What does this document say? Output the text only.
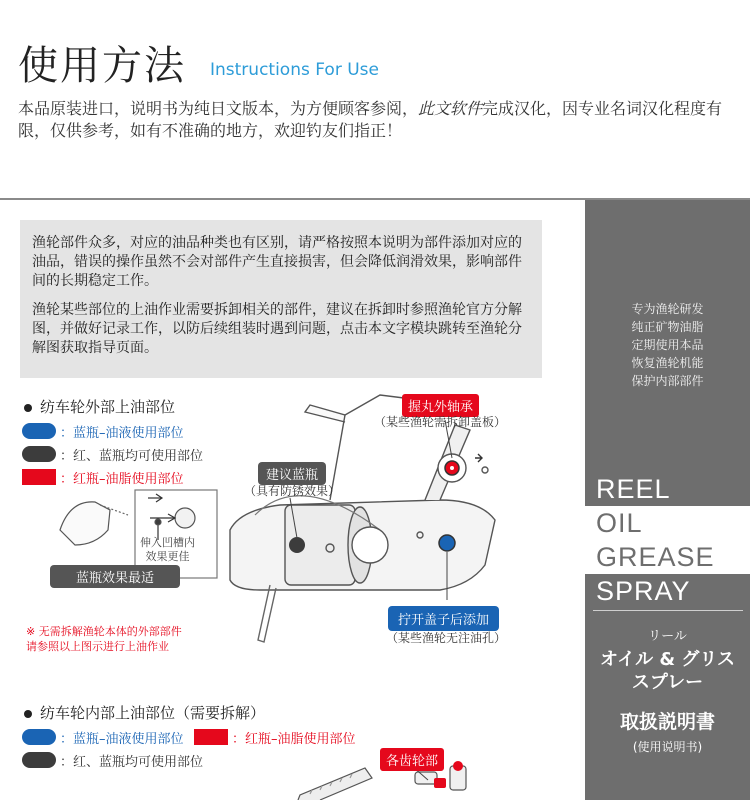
使用方法 Instructions For Use

本品原装进口，说明书为纯日文版本，为方便顾客参阅，此文软件完成汉化，因专业名词汉化程度有限，仅供参考，如有不准确的地方，欢迎钓友们指正！

渔轮部件众多，对应的油品种类也有区别，请严格按照本说明为部件添加对应的油品，错误的操作虽然不会对部件产生直接损害，但会降低润滑效果，影响部件间的长期稳定工作。

渔轮某些部位的上油作业需要拆卸相关的部件，建议在拆卸时参照渔轮官方分解图，并做好记录工作，以防后续组装时遇到问题，点击本文字模块跳转至渔轮分解图获取指导页面。

纺车轮外部上油部位
：蓝瓶–油液使用部位
：红、蓝瓶均可使用部位
：红瓶–油脂使用部位
握丸外轴承
（某些渔轮需拆卸盖板）
建议蓝瓶
（具有防锈效果）
伸入凹槽内
效果更佳
蓝瓶效果最适
拧开盖子后添加
（某些渔轮无注油孔）
※ 无需拆解渔轮本体的外部部件
请参照以上图示进行上油作业
纺车轮内部上油部位（需要拆解）
：蓝瓶–油液使用部位	：红瓶–油脂使用部位
：红、蓝瓶均可使用部位	各齿轮部
专为渔轮研发
纯正矿物油脂
定期使用本品
恢复渔轮机能
保护内部部件
REEL
OIL
GREASE
SPRAY
リール
オイル & グリス
スプレー
取扱説明書
(使用说明书)
